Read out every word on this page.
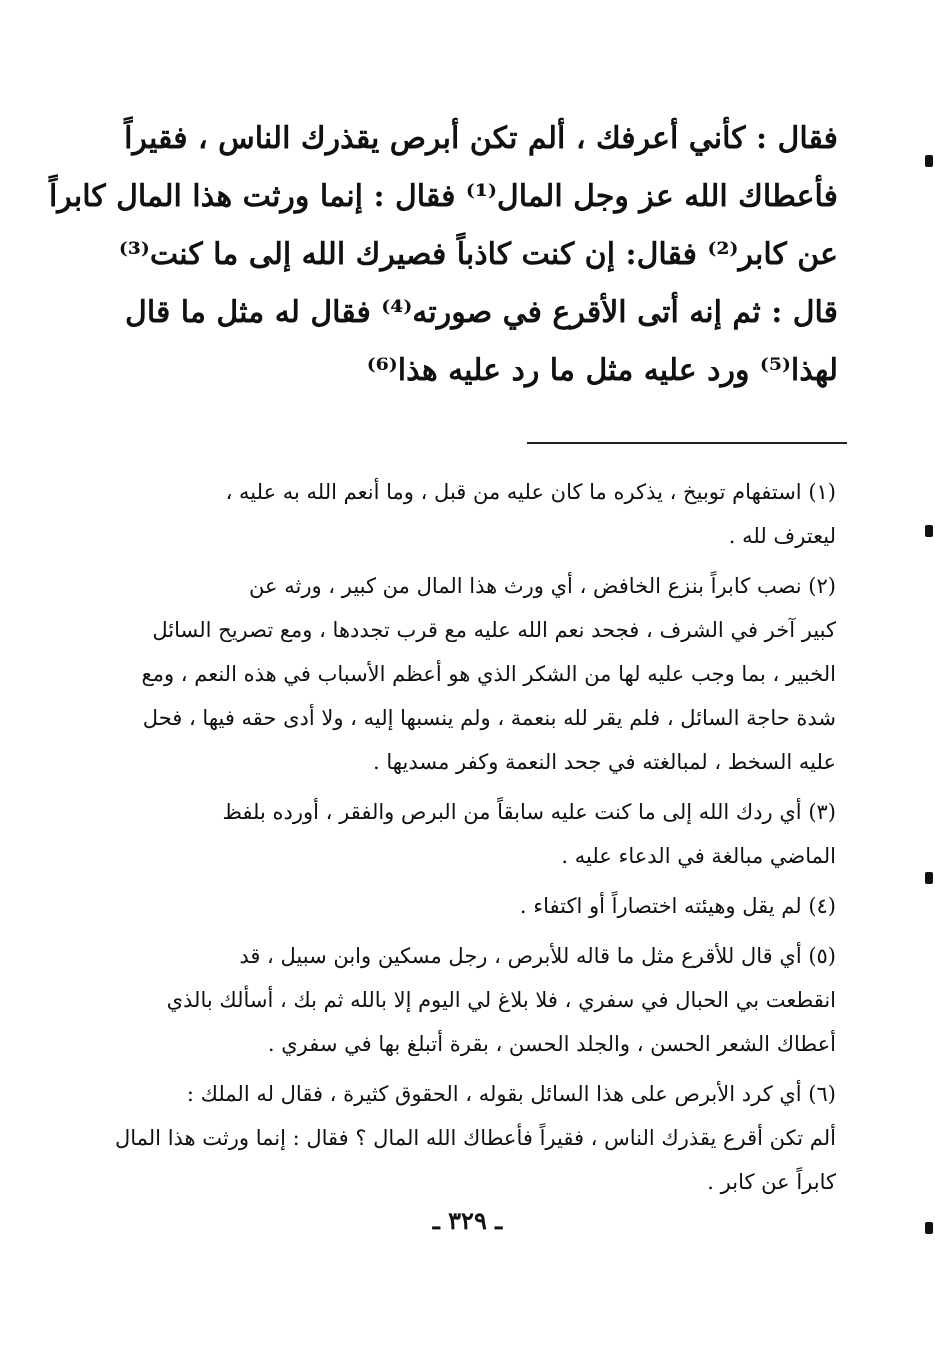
فقال : كأني أعرفك ، ألم تكن أبرص يقذرك الناس ، فقيراً
فأعطاك الله عز وجل المال⁽¹⁾ فقال : إنما ورثت هذا المال كابراً
عن كابر⁽²⁾ فقال: إن كنت كاذباً فصيرك الله إلى ما كنت⁽³⁾
قال : ثم إنه أتى الأقرع في صورته⁽⁴⁾ فقال له مثل ما قال
لهذا⁽⁵⁾ ورد عليه مثل ما رد عليه هذا⁽⁶⁾
(١) استفهام توبيخ ، يذكره ما كان عليه من قبل ، وما أنعم الله به عليه ،
ليعترف لله .
(٢) نصب كابراً بنزع الخافض ، أي ورث هذا المال من كبير ، ورثه عن
كبير آخر في الشرف ، فجحد نعم الله عليه مع قرب تجددها ، ومع تصريح السائل
الخبير ، بما وجب عليه لها من الشكر الذي هو أعظم الأسباب في هذه النعم ، ومع
شدة حاجة السائل ، فلم يقر لله بنعمة ، ولم ينسبها إليه ، ولا أدى حقه فيها ، فحل
عليه السخط ، لمبالغته في جحد النعمة وكفر مسديها .
(٣) أي ردك الله إلى ما كنت عليه سابقاً من البرص والفقر ، أورده بلفظ
الماضي مبالغة في الدعاء عليه .
(٤) لم يقل وهيئته اختصاراً أو اكتفاء .
(٥) أي قال للأقرع مثل ما قاله للأبرص ، رجل مسكين وابن سبيل ، قد
انقطعت بي الحبال في سفري ، فلا بلاغ لي اليوم إلا بالله ثم بك ، أسألك بالذي
أعطاك الشعر الحسن ، والجلد الحسن ، بقرة أتبلغ بها في سفري .
(٦) أي كرد الأبرص على هذا السائل بقوله ، الحقوق كثيرة ، فقال له الملك :
ألم تكن أقرع يقذرك الناس ، فقيراً فأعطاك الله المال ؟ فقال : إنما ورثت هذا المال
كابراً عن كابر .
ـ ٣٢٩ ـ
